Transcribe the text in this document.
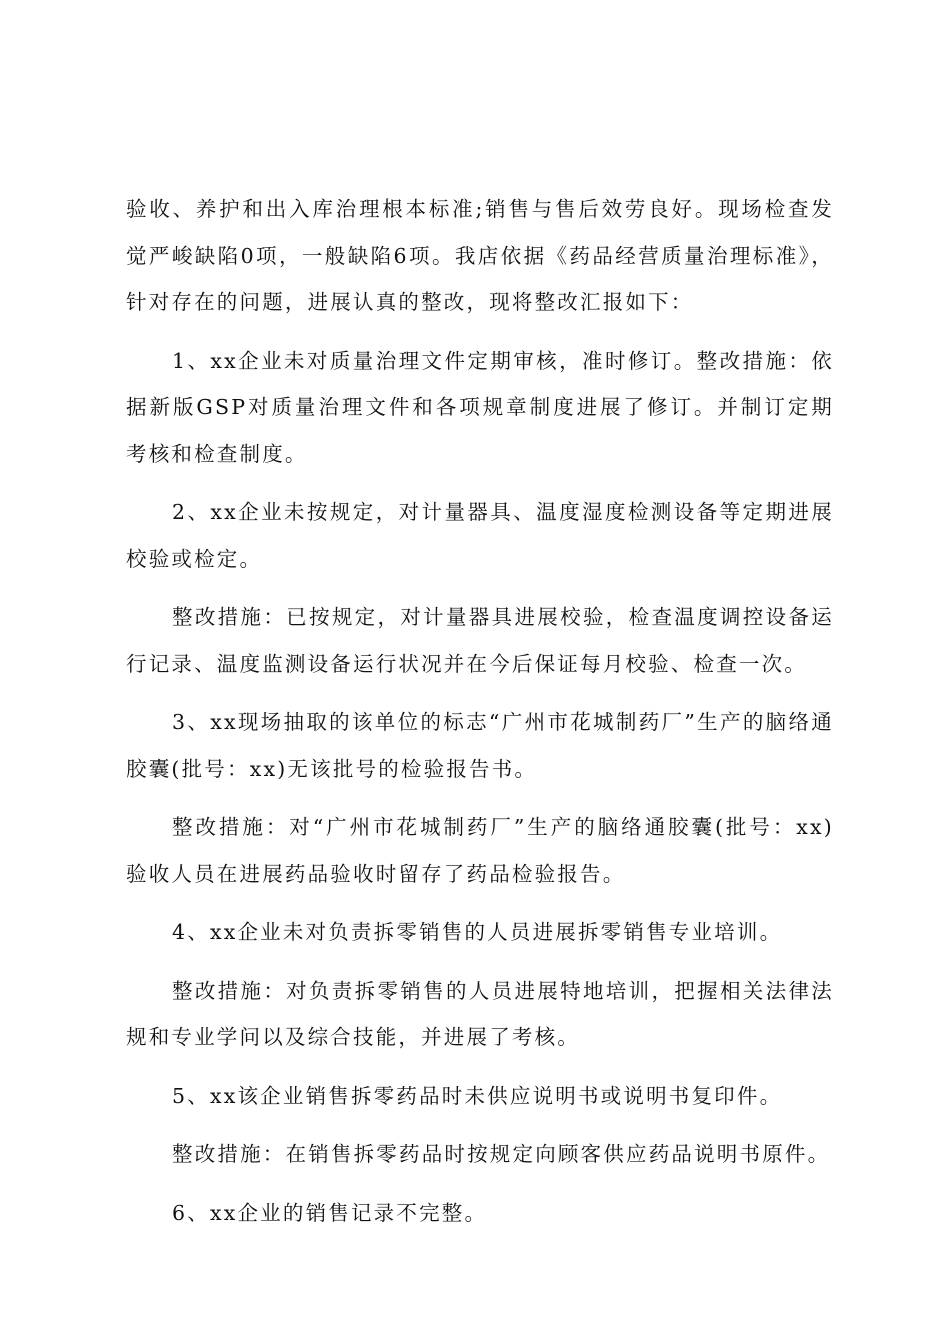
验收、养护和出入库治理根本标准;销售与售后效劳良好。现场检查发觉严峻缺陷0项，一般缺陷6项。我店依据《药品经营质量治理标准》，针对存在的问题，进展认真的整改，现将整改汇报如下：

1、xx企业未对质量治理文件定期审核，准时修订。整改措施：依据新版GSP对质量治理文件和各项规章制度进展了修订。并制订定期考核和检查制度。

2、xx企业未按规定，对计量器具、温度湿度检测设备等定期进展校验或检定。

整改措施：已按规定，对计量器具进展校验，检查温度调控设备运行记录、温度监测设备运行状况并在今后保证每月校验、检查一次。

3、xx现场抽取的该单位的标志“广州市花城制药厂”生产的脑络通胶囊(批号：xx)无该批号的检验报告书。

整改措施：对“广州市花城制药厂”生产的脑络通胶囊(批号：xx)验收人员在进展药品验收时留存了药品检验报告。

4、xx企业未对负责拆零销售的人员进展拆零销售专业培训。

整改措施：对负责拆零销售的人员进展特地培训，把握相关法律法规和专业学问以及综合技能，并进展了考核。

5、xx该企业销售拆零药品时未供应说明书或说明书复印件。

整改措施：在销售拆零药品时按规定向顾客供应药品说明书原件。

6、xx企业的销售记录不完整。
